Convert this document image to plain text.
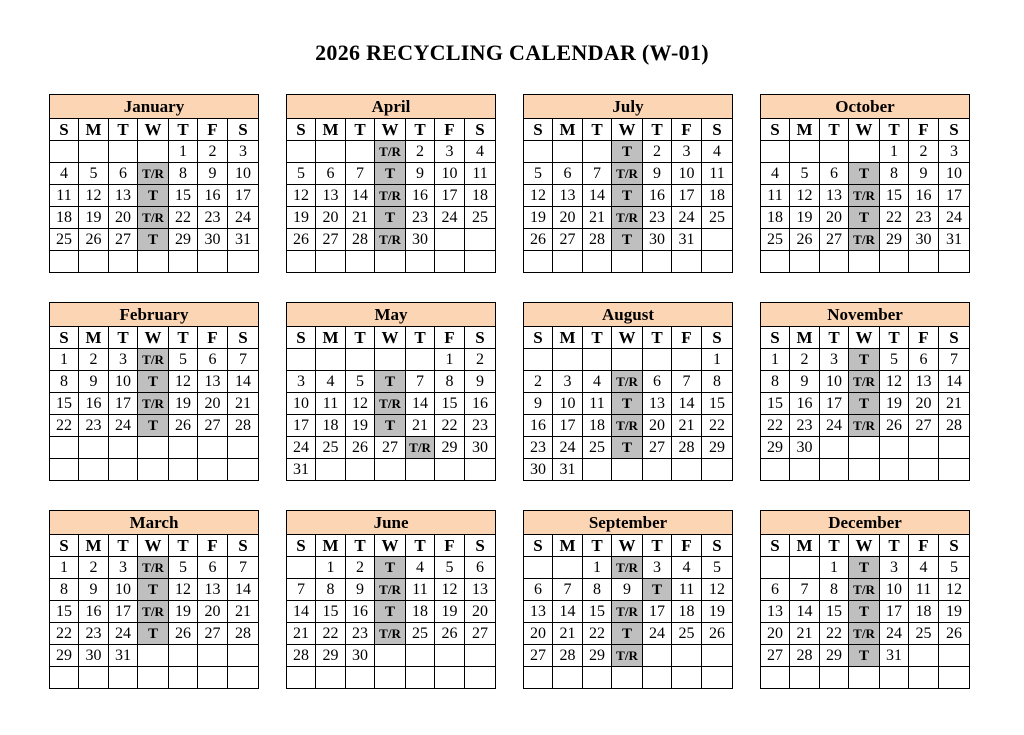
2026 RECYCLING CALENDAR (W-01)
January						
S	M	T	W	T	F	S
				1	2	3
4	5	6	T/R	8	9	10
11	12	13	T	15	16	17
18	19	20	T/R	22	23	24
25	26	27	T	29	30	31

April						
S	M	T	W	T	F	S
			T/R	2	3	4
5	6	7	T	9	10	11
12	13	14	T/R	16	17	18
19	20	21	T	23	24	25
26	27	28	T/R	30		

July						
S	M	T	W	T	F	S
			T	2	3	4
5	6	7	T/R	9	10	11
12	13	14	T	16	17	18
19	20	21	T/R	23	24	25
26	27	28	T	30	31	

October						
S	M	T	W	T	F	S
				1	2	3
4	5	6	T	8	9	10
11	12	13	T/R	15	16	17
18	19	20	T	22	23	24
25	26	27	T/R	29	30	31

February						
S	M	T	W	T	F	S
1	2	3	T/R	5	6	7
8	9	10	T	12	13	14
15	16	17	T/R	19	20	21
22	23	24	T	26	27	28

May						
S	M	T	W	T	F	S
					1	2
3	4	5	T	7	8	9
10	11	12	T/R	14	15	16
17	18	19	T	21	22	23
24	25	26	27	T/R	29	30
31						
August						
S	M	T	W	T	F	S
						1
2	3	4	T/R	6	7	8
9	10	11	T	13	14	15
16	17	18	T/R	20	21	22
23	24	25	T	27	28	29
30	31					
November						
S	M	T	W	T	F	S
1	2	3	T	5	6	7
8	9	10	T/R	12	13	14
15	16	17	T	19	20	21
22	23	24	T/R	26	27	28
29	30					

March						
S	M	T	W	T	F	S
1	2	3	T/R	5	6	7
8	9	10	T	12	13	14
15	16	17	T/R	19	20	21
22	23	24	T	26	27	28
29	30	31				

June						
S	M	T	W	T	F	S
	1	2	T	4	5	6
7	8	9	T/R	11	12	13
14	15	16	T	18	19	20
21	22	23	T/R	25	26	27
28	29	30				

September						
S	M	T	W	T	F	S
		1	T/R	3	4	5
6	7	8	9	T	11	12
13	14	15	T/R	17	18	19
20	21	22	T	24	25	26
27	28	29	T/R			

December						
S	M	T	W	T	F	S
		1	T	3	4	5
6	7	8	T/R	10	11	12
13	14	15	T	17	18	19
20	21	22	T/R	24	25	26
27	28	29	T	31		
